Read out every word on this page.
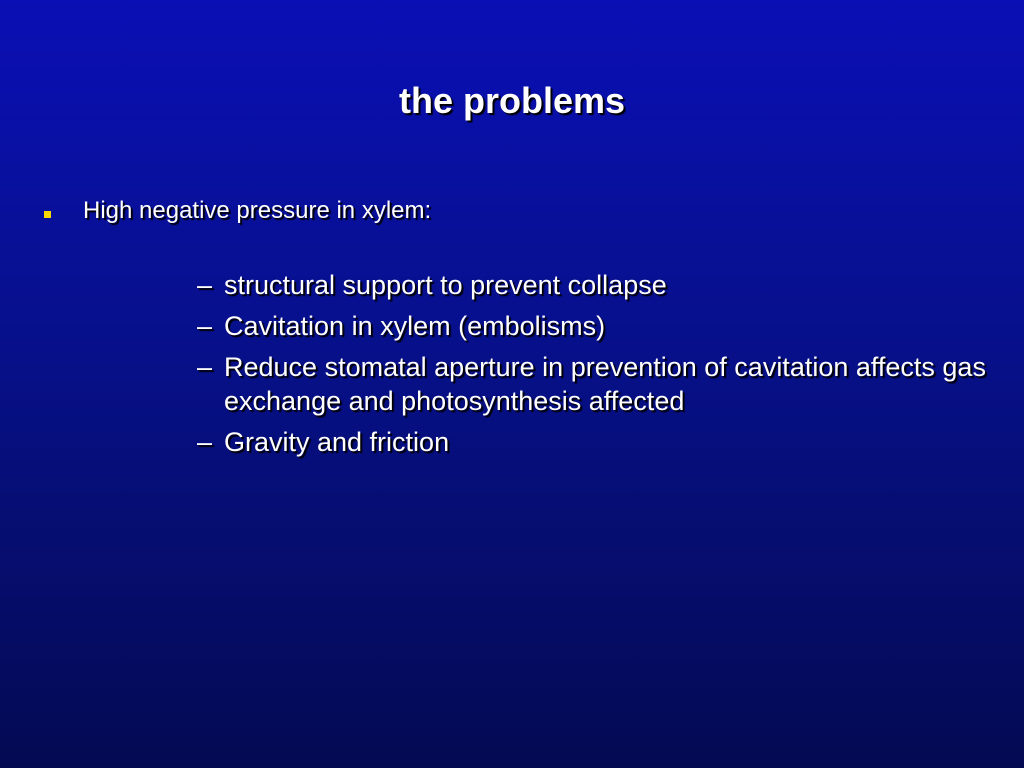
the problems
High negative pressure in xylem:
– structural support to prevent collapse
– Cavitation in xylem (embolisms)
– Reduce stomatal aperture in prevention of cavitation affects gas exchange and photosynthesis affected
– Gravity and friction
